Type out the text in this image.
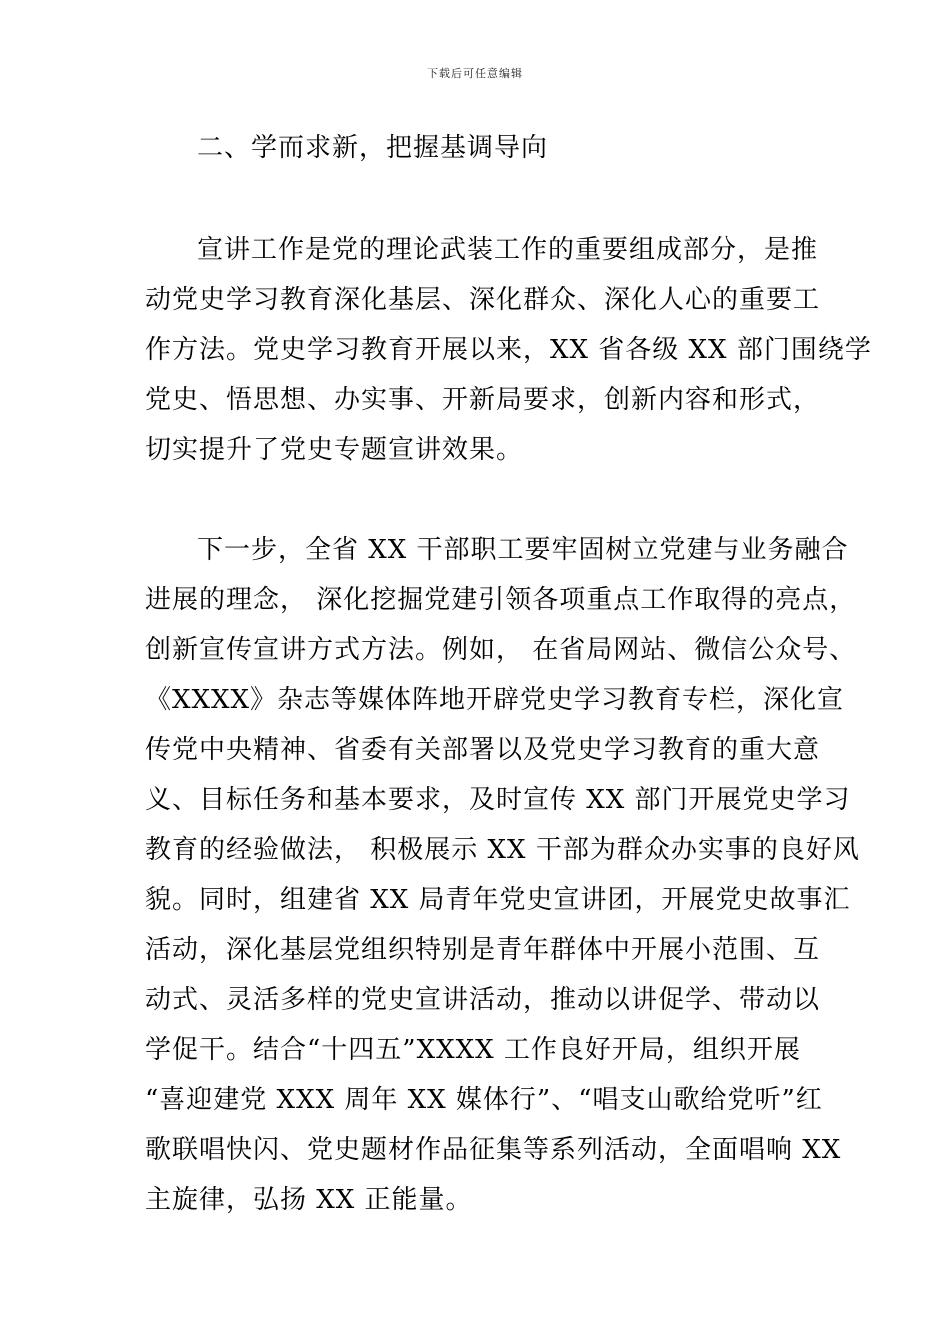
下载后可任意编辑
二、学而求新，把握基调导向
宣讲工作是党的理论武装工作的重要组成部分，是推
动党史学习教育深化基层、深化群众、深化人心的重要工
作方法。党史学习教育开展以来，XX 省各级 XX 部门围绕学
党史、悟思想、办实事、开新局要求，创新内容和形式，
切实提升了党史专题宣讲效果。
下一步，全省 XX 干部职工要牢固树立党建与业务融合
进展的理念， 深化挖掘党建引领各项重点工作取得的亮点，
创新宣传宣讲方式方法。例如， 在省局网站、微信公众号、
《XXXX》杂志等媒体阵地开辟党史学习教育专栏，深化宣
传党中央精神、省委有关部署以及党史学习教育的重大意
义、目标任务和基本要求，及时宣传 XX 部门开展党史学习
教育的经验做法， 积极展示 XX 干部为群众办实事的良好风
貌。同时，组建省 XX 局青年党史宣讲团，开展党史故事汇
活动，深化基层党组织特别是青年群体中开展小范围、互
动式、灵活多样的党史宣讲活动，推动以讲促学、带动以
学促干。结合“十四五”XXXX 工作良好开局，组织开展
“喜迎建党 XXX 周年 XX 媒体行”、“唱支山歌给党听”红
歌联唱快闪、党史题材作品征集等系列活动，全面唱响 XX
主旋律，弘扬 XX 正能量。
